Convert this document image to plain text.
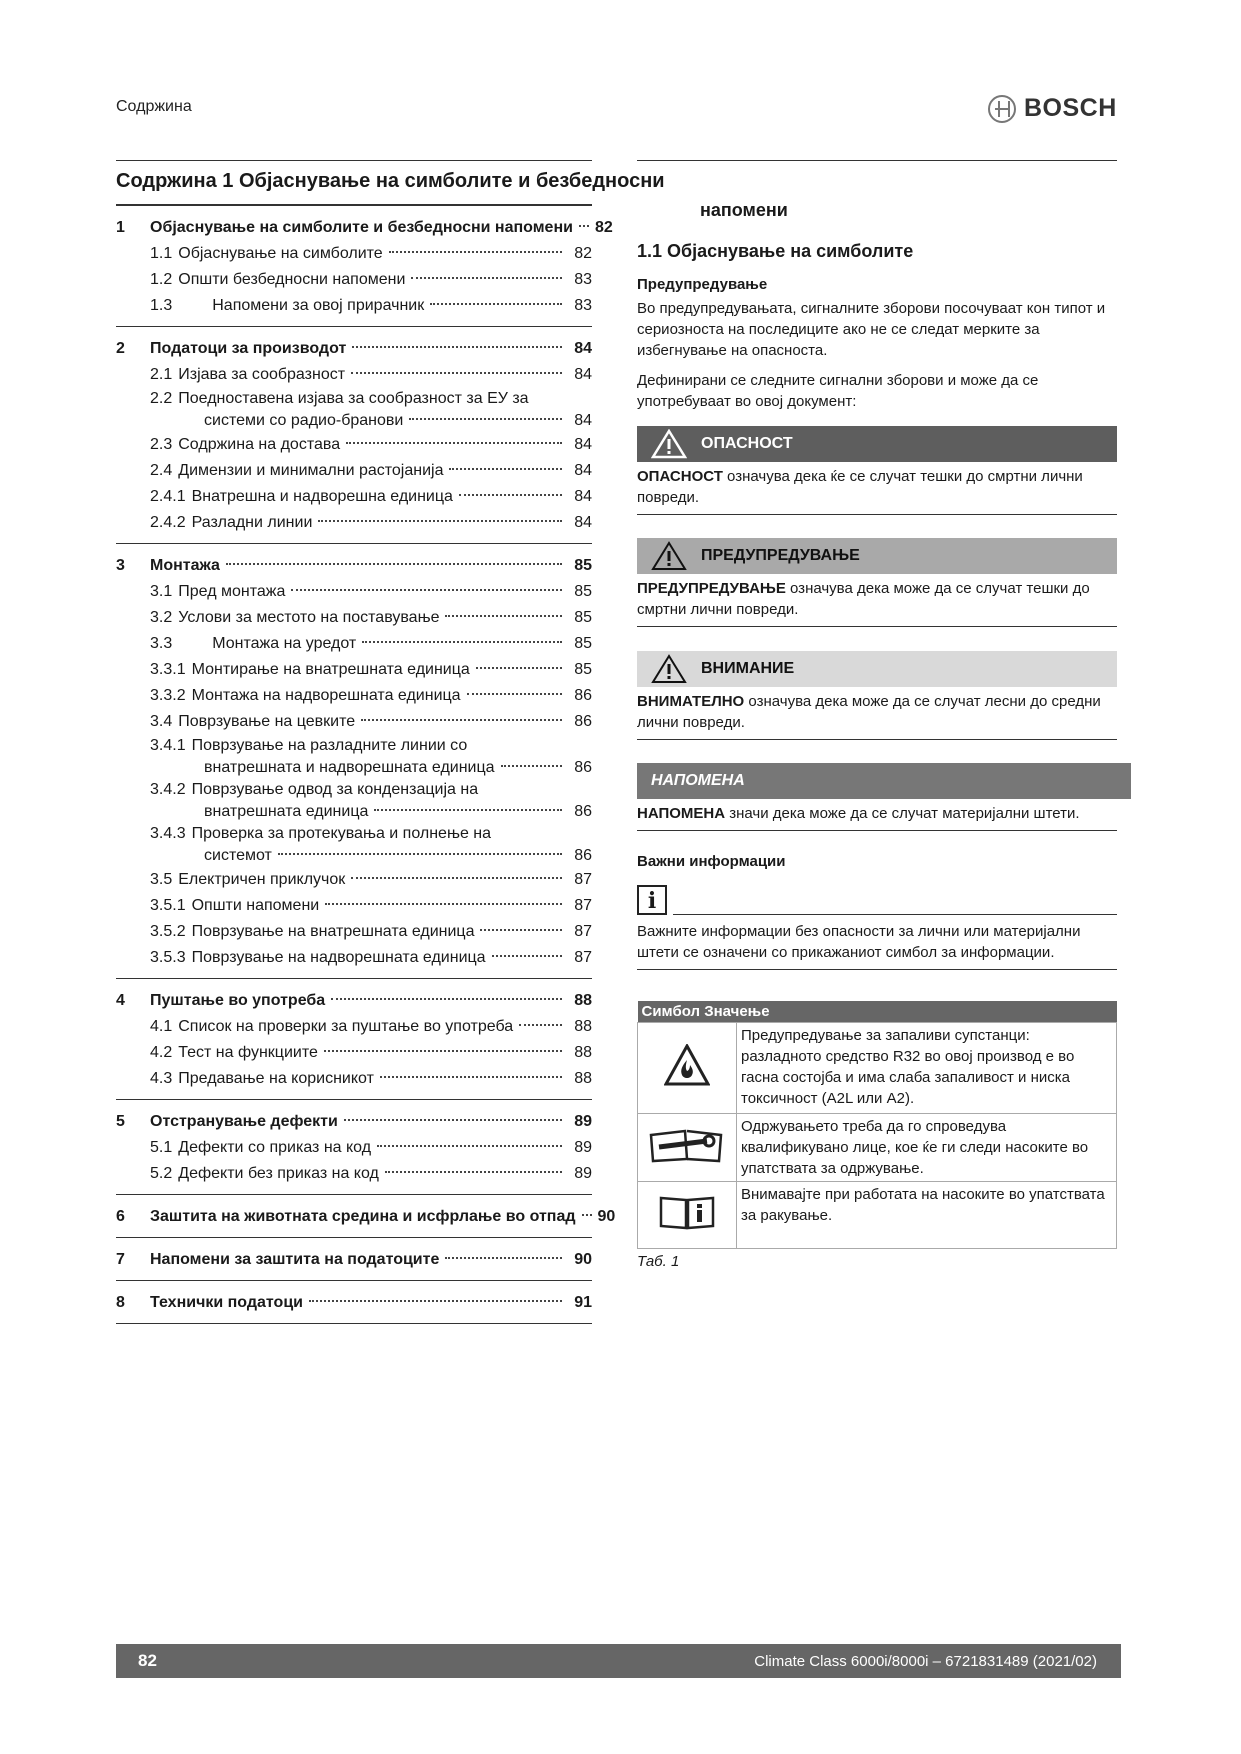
Содржина	BOSCH
Содржина 1 Објаснување на симболите и безбедносни
1	Објаснување на симболите и безбедносни напомени 82
1.1 Објаснување на симболите	82
1.2 Општи безбедносни напомени	83
1.3	Напомени за овој прирачник	83
2	Податоци за производот	84
2.1 Изјава за сообразност	84
2.2 Поедноставена изјава за сообразност за ЕУ за
системи со радио-бранови	84
2.3 Содржина на достава	84
2.4 Димензии и минимални растојанија	84
2.4.1 Внатрешна и надворешна единица	84
2.4.2 Разладни линии	84
3	Монтажа	85
3.1 Пред монтажа	85
3.2 Услови за местото на поставување	85
3.3	Монтажа на уредот	85
3.3.1 Монтирање на внатрешната единица	85
3.3.2 Монтажа на надворешната единица	86
3.4 Поврзување на цевките	86
3.4.1 Поврзување на разладните линии со
внатрешната и надворешната единица	86
3.4.2 Поврзување одвод за кондензација на
внатрешната единица	86
3.4.3 Проверка за протекувања и полнење на
системот	86
3.5 Електричен приклучок	87
3.5.1 Општи напомени	87
3.5.2 Поврзување на внатрешната единица	87
3.5.3 Поврзување на надворешната единица	87
4	Пуштање во употреба	88
4.1 Список на проверки за пуштање во употреба	88
4.2 Тест на функциите	88
4.3 Предавање на корисникот	88
5	Отстранување дефекти	89
5.1 Дефекти со приказ на код	89
5.2 Дефекти без приказ на код	89
6	Заштита на животната средина и исфрлање во отпад 90
7	Напомени за заштита на податоците	90
8	Технички податоци	91
напомени
1.1 Објаснување на симболите
Предупредување
Во предупредувањата, сигналните зборови посочуваат кон типот и сериозноста на последиците ако не се следат мерките за избегнување на опасноста.
Дефинирани се следните сигнални зборови и може да се употребуваат во овој документ:
ОПАСНОСТ
ОПАСНОСТ означува дека ќе се случат тешки до смртни лични повреди.
ПРЕДУПРЕДУВАЊЕ
ПРЕДУПРЕДУВАЊЕ означува дека може да се случат тешки до смртни лични повреди.
ВНИМАНИЕ
ВНИМАТЕЛНО означува дека може да се случат лесни до средни лични повреди.
НАПОМЕНА
НАПОМЕНА значи дека може да се случат материјални штети.
Важни информации
i
Важните информации без опасности за лични или материјални штети се означени со прикажаниот симбол за информации.
Симбол Значење	
	Предупредување за запаливи супстанци: разладното средство R32 во овој производ е во гасна состојба и има слаба запаливост и ниска токсичност (A2L или A2).
	Одржувањето треба да го спроведува квалификувано лице, кое ќе ги следи насоките во упатствата за одржување.
	Внимавајте при работата на насоките во упатствата за ракување.
Таб. 1
82	Climate Class 6000i/8000i – 6721831489 (2021/02)
